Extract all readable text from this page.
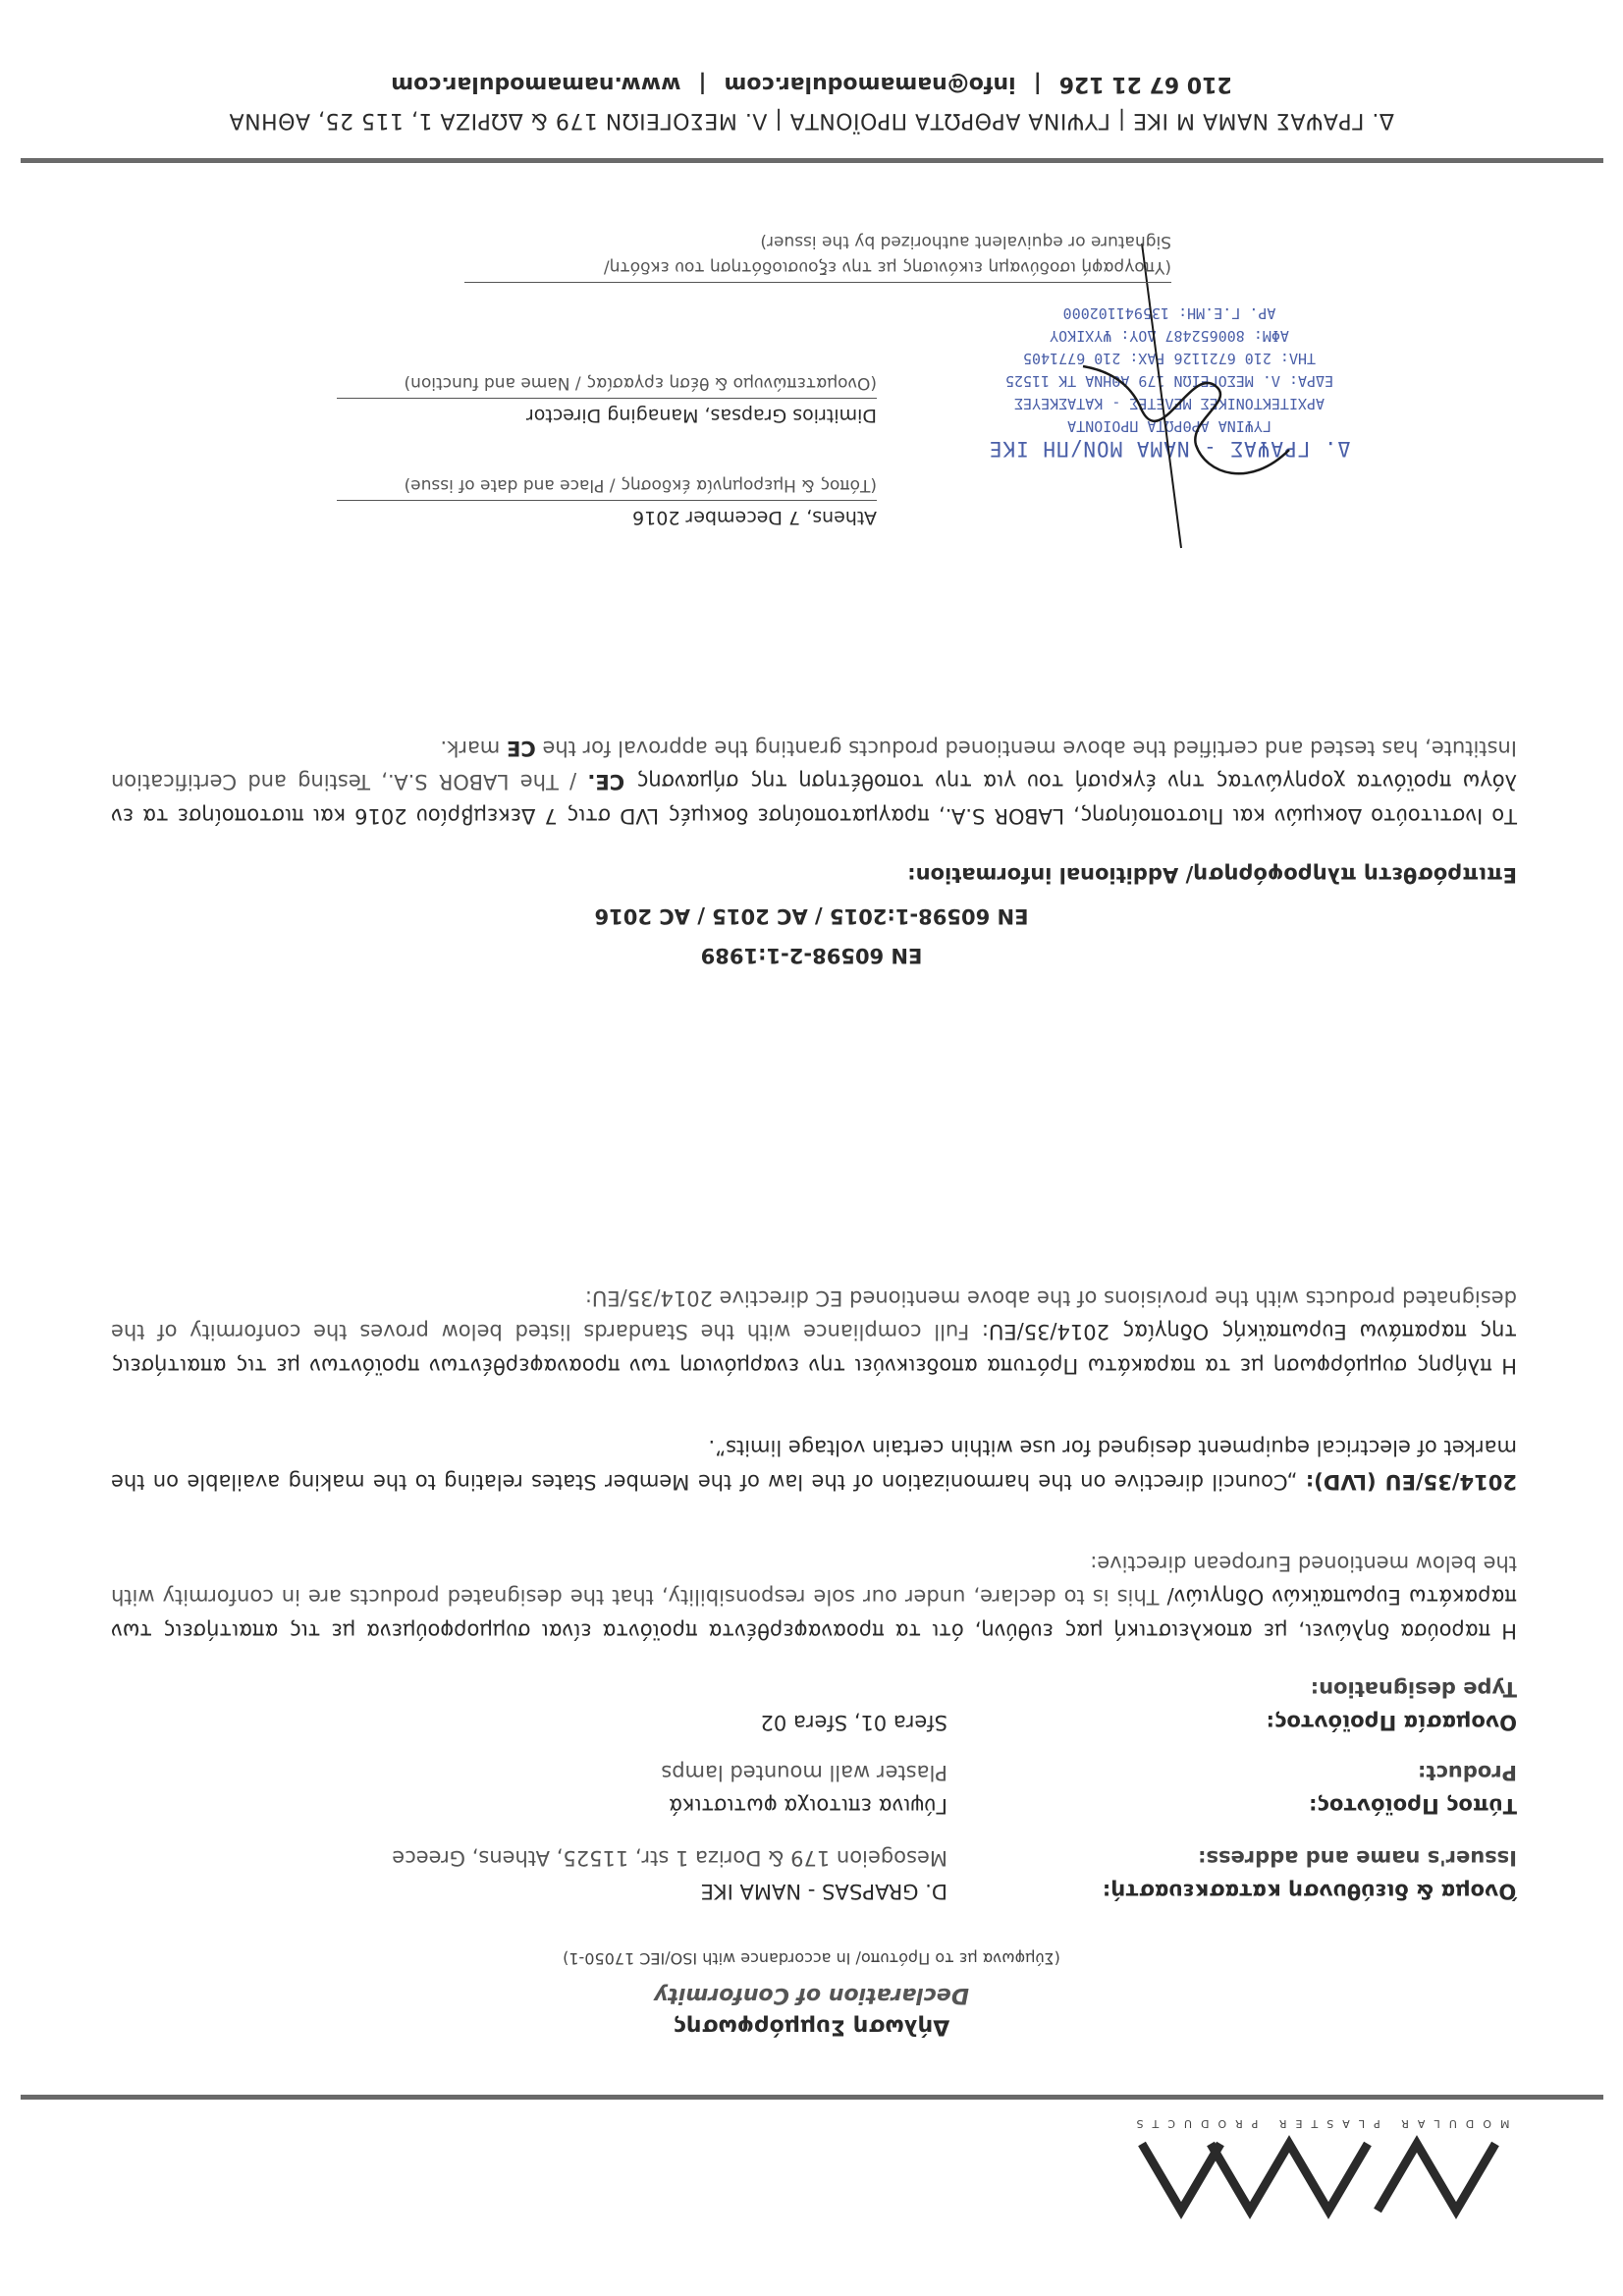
MODULAR PLASTER PRODUCTS
Δήλωση Συμμόρφωσης
Declaration of Conformity
(Σύμφωνα με το Πρότυπο/ In accordance with ISO/IEC 17050-1)
Όνομα & διεύθυνση κατασκευαστή:
Issuer's name and address:
D. GRAPSAS - NAMA IKE
Mesogeion 179 & Doriza 1 str, 11525, Athens, Greece
Τύπος Προϊόντος:
Product:
Γύψινα επιτοιχα φωτιστικά
Plaster wall mounted lamps
Ονομασία Προϊόντος:
Type designation:
Sfera 01, Sfera 02

Η παρούσα δηλώνει, με αποκλειστική μας ευθύνη, ότι τα προαναφερθέντα προϊόντα είναι συμμορφούμενα με τις απαιτήσεις των παρακάτω Ευρωπαϊκών Οδηγιών/ This is to declare, under our sole responsibility, that the designated products are in conformity with the below mentioned European directive:

2014/35/EU (LVD): „Council directive on the harmonization of the law of the Member States relating to the making available on the market of electrical equipment designed for use within certain voltage limits”.

Η πλήρης συμμόρφωση με τα παρακάτω Πρότυπα αποδεικνύει την εναρμόνιση των προαναφερθέντων προϊόντων με τις απαιτήσεις της παραπάνω Ευρωπαϊκής Οδηγίας 2014/35/EU: Full compliance with the Standards listed below proves the conformity of the designated products with the provisions of the above mentioned EC directive 2014/35/EU:

EN 60598-2-1:1989
EN 60598-1:2015 / AC 2015 / AC 2016
Επιπρόσθετη πληροφόρηση/ Additional information:

Το Ινστιτούτο Δοκιμών και Πιστοποίησης, LABOR S.A., πραγματοποίησε δοκιμές LVD στις 7 Δεκεμβρίου 2016 και πιστοποίησε τα εν λόγω προϊόντα χορηγώντας την έγκρισή του για την τοποθέτηση της σήμανσης CE. / The LABOR S.A., Testing and Certification Institute, has tested and certified the above mentioned products granting the approval for the CE mark.

Athens, 7 December 2016
(Τόπος & Ημερομηνία έκδοσης / Place and date of issue)
Dimitrios Grapsas, Managing Director
(Ονοματεπώνυμο & θέση εργασίας / Name and function)
Δ. ΓΡΑΨΑΣ - ΝΑΜΑ ΜΟΝ/ΠΗ ΙΚΕ
ΓΥΨΙΝΑ ΑΡΘΡΩΤΑ ΠΡΟΙΟΝΤΑ
ΑΡΧΙΤΕΚΤΟΝΙΚΕΣ ΜΕΛΕΤΕΣ - ΚΑΤΑΣΚΕΥΕΣ
ΕΔΡΑ: Λ. ΜΕΣΟΓΕΙΩΝ 179 ΑΘΗΝΑ ΤΚ 11525
ΤΗΛ: 210 6721126 FAX: 210 6771405
ΑΦΜ: 800652487 ΔΟΥ: ΨΥΧΙΚΟΥ
ΑΡ. Γ.Ε.ΜΗ: 135941102000
(Υπογραφή ισοδύναμη εικόνισης με την εξουσιοδότηση του εκδότη/
Signature or equivalent authorized by the issuer)
Δ. ΓΡΑΨΑΣ ΝΑΜΑ Μ ΙΚΕ | ΓΥΨΙΝΑ ΑΡΘΡΩΤΑ ΠΡΟΪΟΝΤΑ | Λ. ΜΕΣΟΓΕΙΩΝ 179 & ΔΩΡΙΖΑ 1, 115 25, ΑΘΗΝΑ
210 67 21 126|info@namamodular.com|www.namamodular.com
